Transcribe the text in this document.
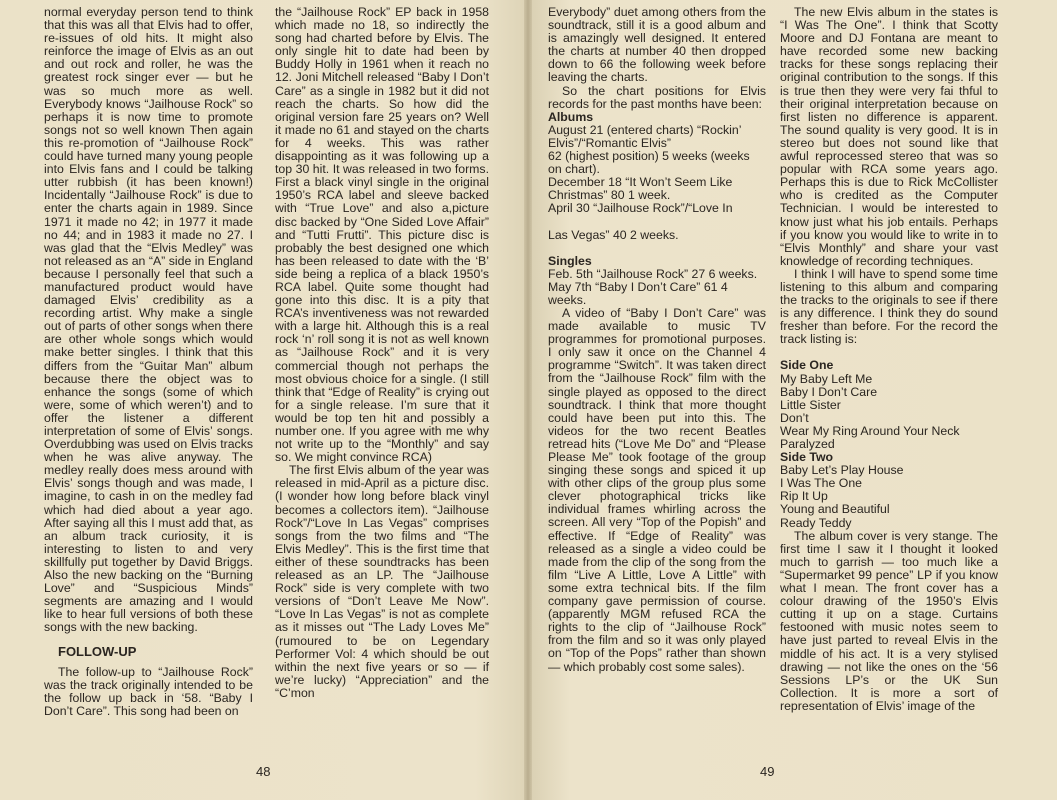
normal everyday person tend to think that this was all that Elvis had to offer, re-issues of old hits. It might also reinforce the image of Elvis as an out and out rock and roller, he was the greatest rock singer ever — but he was so much more as well. Everybody knows “Jailhouse Rock” so perhaps it is now time to promote songs not so well known Then again this re-promotion of “Jailhouse Rock” could have turned many young people into Elvis fans and I could be talking utter rubbish (it has been known!) Incidentally “Jailhouse Rock” is due to enter the charts again in 1989. Since 1971 it made no 42; in 1977 it made no 44; and in 1983 it made no 27. I was glad that the “Elvis Medley” was not released as an “A” side in England because I personally feel that such a manufactured product would have damaged Elvis’ credibility as a recording artist. Why make a single out of parts of other songs when there are other whole songs which would make better singles. I think that this differs from the “Guitar Man” album because there the object was to enhance the songs (some of which were, some of which weren’t) and to offer the listener a different interpretation of some of Elvis’ songs. Overdubbing was used on Elvis tracks when he was alive anyway. The medley really does mess around with Elvis’ songs though and was made, I imagine, to cash in on the medley fad which had died about a year ago. After saying all this I must add that, as an album track curiosity, it is interesting to listen to and very skillfully put together by David Briggs. Also the new backing on the “Burning Love” and “Suspicious Minds” segments are amazing and I would like to hear full versions of both these songs with the new backing.

FOLLOW-UP

The follow-up to “Jailhouse Rock” was the track originally intended to be the follow up back in ‘58. “Baby I Don’t Care”. This song had been on

the “Jailhouse Rock” EP back in 1958 which made no 18, so indirectly the song had charted before by Elvis. The only single hit to date had been by Buddy Holly in 1961 when it reach no 12. Joni Mitchell released “Baby I Don’t Care” as a single in 1982 but it did not reach the charts. So how did the original version fare 25 years on? Well it made no 61 and stayed on the charts for 4 weeks. This was rather disappointing as it was following up a top 30 hit. It was released in two forms. First a black vinyl single in the original 1950’s RCA label and sleeve backed with “True Love” and also a,picture disc backed by “One Sided Love Affair” and “Tutti Frutti”. This picture disc is probably the best designed one which has been released to date with the ‘B’ side being a replica of a black 1950’s RCA label. Quite some thought had gone into this disc. It is a pity that RCA’s inventiveness was not rewarded with a large hit. Although this is a real rock ‘n’ roll song it is not as well known as “Jailhouse Rock” and it is very commercial though not perhaps the most obvious choice for a single. (I still think that “Edge of Reality” is crying out for a single release. I’m sure that it would be top ten hit and possibly a number one. If you agree with me why not write up to the “Monthly” and say so. We might convince RCA)

The first Elvis album of the year was released in mid-April as a picture disc. (I wonder how long before black vinyl becomes a collectors item). “Jailhouse Rock”/“Love In Las Vegas” comprises songs from the two films and “The Elvis Medley”. This is the first time that either of these soundtracks has been released as an LP. The “Jailhouse Rock” side is very complete with two versions of “Don’t Leave Me Now”. “Love In Las Vegas” is not as complete as it misses out “The Lady Loves Me” (rumoured to be on Legendary Performer Vol: 4 which should be out within the next five years or so — if we’re lucky) “Appreciation” and the “C’mon

Everybody” duet among others from the soundtrack, still it is a good album and is amazingly well designed. It entered the charts at number 40 then dropped down to 66 the following week before leaving the charts.

So the chart positions for Elvis records for the past months have been:

Albums

August 21 (entered charts) “Rockin’ Elvis”/“Romantic Elvis”

62 (highest position) 5 weeks (weeks on chart).

December 18 “It Won’t Seem Like Christmas” 80 1 week.

April 30 “Jailhouse Rock”/“Love In

Las Vegas” 40 2 weeks.

Singles

Feb. 5th “Jailhouse Rock” 27 6 weeks.

May 7th “Baby I Don’t Care” 61 4 weeks.

A video of “Baby I Don’t Care” was made available to music TV programmes for promotional purposes. I only saw it once on the Channel 4 programme “Switch”. It was taken direct from the “Jailhouse Rock” film with the single played as opposed to the direct soundtrack. I think that more thought could have been put into this. The videos for the two recent Beatles retread hits (“Love Me Do” and “Please Please Me” took footage of the group singing these songs and spiced it up with other clips of the group plus some clever photographical tricks like individual frames whirling across the screen. All very “Top of the Popish” and effective. If “Edge of Reality” was released as a single a video could be made from the clip of the song from the film “Live A Little, Love A Little” with some extra technical bits. If the film company gave permission of course. (apparently MGM refused RCA the rights to the clip of “Jailhouse Rock” from the film and so it was only played on “Top of the Pops” rather than shown — which probably cost some sales).

The new Elvis album in the states is “I Was The One”. I think that Scotty Moore and DJ Fontana are meant to have recorded some new backing tracks for these songs replacing their original contribution to the songs. If this is true then they were very fai thful to their original interpretation because on first listen no difference is apparent. The sound quality is very good. It is in stereo but does not sound like that awful reprocessed stereo that was so popular with RCA some years ago. Perhaps this is due to Rick McCollister who is credited as the Computer Technician. I would be interested to know just what his job entails. Perhaps if you know you would like to write in to “Elvis Monthly” and share your vast knowledge of recording techniques.

I think I will have to spend some time listening to this album and comparing the tracks to the originals to see if there is any difference. I think they do sound fresher than before. For the record the track listing is:

Side One

My Baby Left Me

Baby I Don’t Care

Little Sister

Don’t

Wear My Ring Around Your Neck

Paralyzed

Side Two

Baby Let’s Play House

I Was The One

Rip It Up

Young and Beautiful

Ready Teddy

The album cover is very stange. The first time I saw it I thought it looked much to garrish — too much like a “Supermarket 99 pence” LP if you know what I mean. The front cover has a colour drawing of the 1950’s Elvis cutting it up on a stage. Curtains festooned with music notes seem to have just parted to reveal Elvis in the middle of his act. It is a very stylised drawing — not like the ones on the ‘56 Sessions LP’s or the UK Sun Collection. It is more a sort of representation of Elvis’ image of the

48	49
